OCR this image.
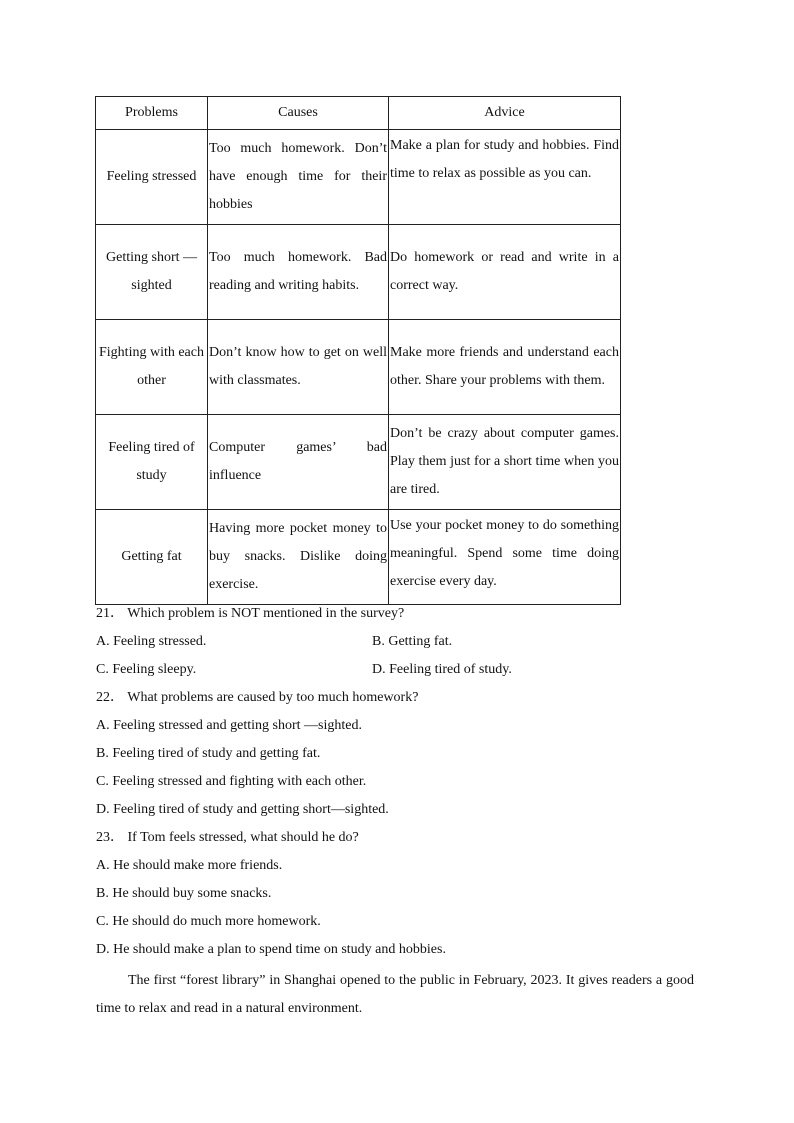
Problems	Causes	Advice
Feeling stressed	Too much homework. Don’t have enough time for their hobbies	Make a plan for study and hobbies. Find time to relax as possible as you can.

Getting short —sighted	Too much homework. Bad reading and writing habits.	Do homework or read and write in a correct way.
Fighting with each other	Don’t know how to get on well with classmates.	Make more friends and understand each other. Share your problems with them.
Feeling tired of study	Computer games’ bad influence	Don’t be crazy about computer games. Play them just for a short time when you are tired.
Getting fat	Having more pocket money to buy snacks. Dislike doing exercise.	Use your pocket money to do something meaningful. Spend some time doing exercise every day.
21． Which problem is NOT mentioned in the survey?
A. Feeling stressed.	B. Getting fat.
C. Feeling sleepy.	D. Feeling tired of study.
22． What problems are caused by too much homework?
A. Feeling stressed and getting short —sighted.
B. Feeling tired of study and getting fat.
C. Feeling stressed and fighting with each other.
D. Feeling tired of study and getting short—sighted.
23． If Tom feels stressed, what should he do?
A. He should make more friends.
B. He should buy some snacks.
C. He should do much more homework.
D. He should make a plan to spend time on study and hobbies.
The first “forest library” in Shanghai opened to the public in February, 2023. It gives readers a good time to relax and read in a natural environment.
